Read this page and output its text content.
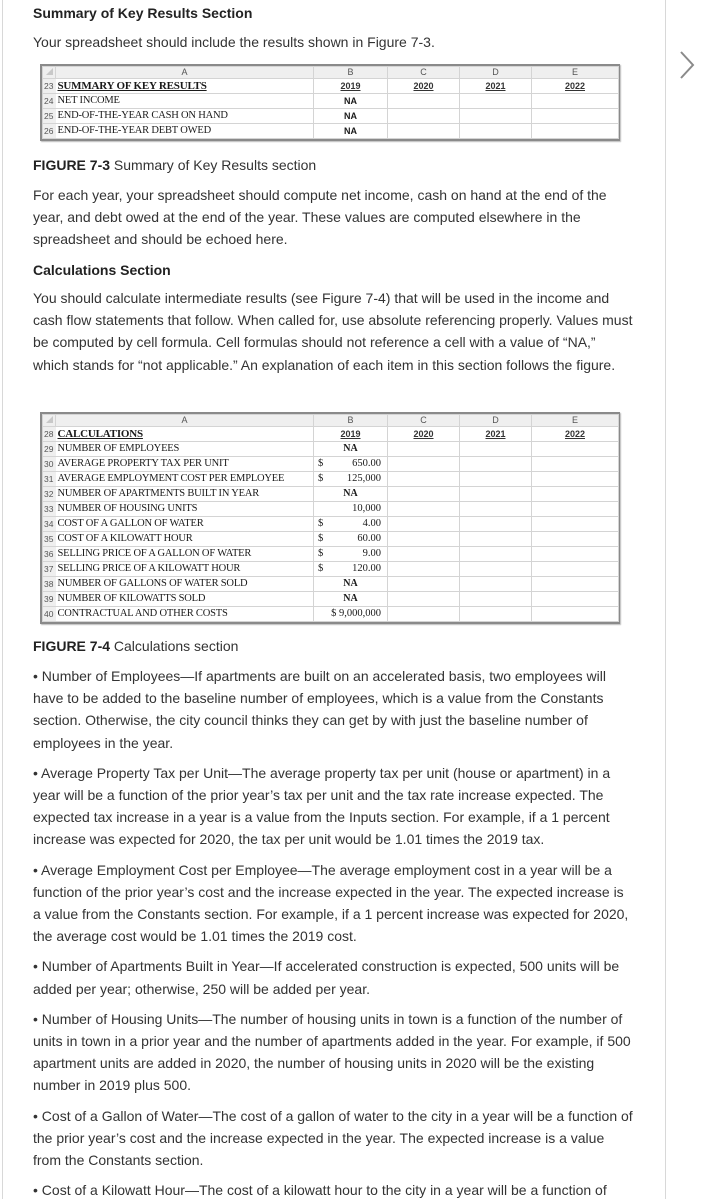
Summary of Key Results Section

Your spreadsheet should include the results shown in Figure 7-3.

	A	B	C	D	E
23	SUMMARY OF KEY RESULTS	2019	2020	2021	2022
24	NET INCOME	NA			
25	END-OF-THE-YEAR CASH ON HAND	NA			
26	END-OF-THE-YEAR DEBT OWED	NA			

FIGURE 7-3 Summary of Key Results section

For each year, your spreadsheet should compute net income, cash on hand at the end of the year, and debt owed at the end of the year. These values are computed elsewhere in the spreadsheet and should be echoed here.

Calculations Section

You should calculate intermediate results (see Figure 7-4) that will be used in the income and cash flow statements that follow. When called for, use absolute referencing properly. Values must be computed by cell formula. Cell formulas should not reference a cell with a value of “NA,” which stands for “not applicable.” An explanation of each item in this section follows the figure.

	A	B	C	D	E
28	CALCULATIONS	2019	2020	2021	2022
29	NUMBER OF EMPLOYEES	NA			
30	AVERAGE PROPERTY TAX PER UNIT	$ 650.00			

31	AVERAGE EMPLOYMENT COST PER EMPLOYEE	$ 125,000			

32	NUMBER OF APARTMENTS BUILT IN YEAR	NA			
33	NUMBER OF HOUSING UNITS	10,000			
34	COST OF A GALLON OF WATER	$ 4.00			

35	COST OF A KILOWATT HOUR	$ 60.00			

36	SELLING PRICE OF A GALLON OF WATER	$ 9.00			

37	SELLING PRICE OF A KILOWATT HOUR	$ 120.00			

38	NUMBER OF GALLONS OF WATER SOLD	NA			
39	NUMBER OF KILOWATTS SOLD	NA			
40	CONTRACTUAL AND OTHER COSTS	$ 9,000,000			

FIGURE 7-4 Calculations section

• Number of Employees—If apartments are built on an accelerated basis, two employees will have to be added to the baseline number of employees, which is a value from the Constants section. Otherwise, the city council thinks they can get by with just the baseline number of employees in the year.

• Average Property Tax per Unit—The average property tax per unit (house or apartment) in a year will be a function of the prior year’s tax per unit and the tax rate increase expected. The expected tax increase in a year is a value from the Inputs section. For example, if a 1 percent increase was expected for 2020, the tax per unit would be 1.01 times the 2019 tax.

• Average Employment Cost per Employee—The average employment cost in a year will be a function of the prior year’s cost and the increase expected in the year. The expected increase is a value from the Constants section. For example, if a 1 percent increase was expected for 2020, the average cost would be 1.01 times the 2019 cost.

• Number of Apartments Built in Year—If accelerated construction is expected, 500 units will be added per year; otherwise, 250 will be added per year.

• Number of Housing Units—The number of housing units in town is a function of the number of units in town in a prior year and the number of apartments added in the year. For example, if 500 apartment units are added in 2020, the number of housing units in 2020 will be the existing number in 2019 plus 500.

• Cost of a Gallon of Water—The cost of a gallon of water to the city in a year will be a function of the prior year’s cost and the increase expected in the year. The expected increase is a value from the Constants section.

• Cost of a Kilowatt Hour—The cost of a kilowatt hour to the city in a year will be a function of
